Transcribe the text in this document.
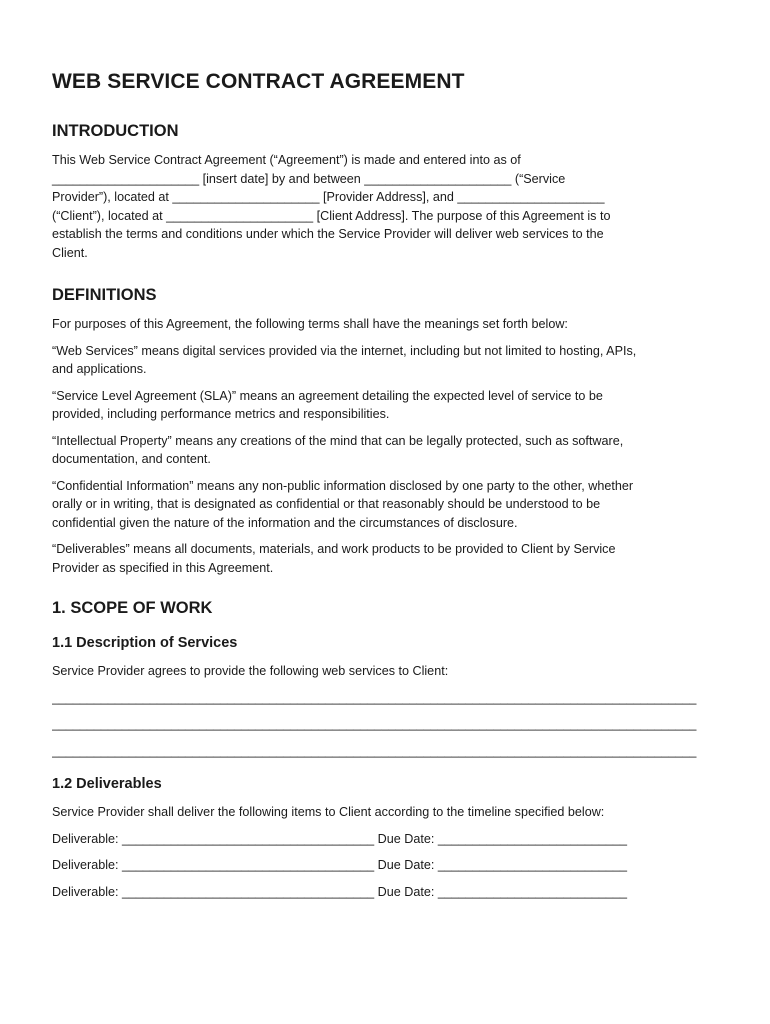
WEB SERVICE CONTRACT AGREEMENT
INTRODUCTION
This Web Service Contract Agreement (“Agreement”) is made and entered into as of
_____________________ [insert date] by and between _____________________ (“Service
Provider”), located at _____________________ [Provider Address], and _____________________
(“Client”), located at _____________________ [Client Address]. The purpose of this Agreement is to
establish the terms and conditions under which the Service Provider will deliver web services to the
Client.
DEFINITIONS
For purposes of this Agreement, the following terms shall have the meanings set forth below:
“Web Services” means digital services provided via the internet, including but not limited to hosting, APIs,
and applications.
“Service Level Agreement (SLA)” means an agreement detailing the expected level of service to be
provided, including performance metrics and responsibilities.
“Intellectual Property” means any creations of the mind that can be legally protected, such as software,
documentation, and content.
“Confidential Information” means any non-public information disclosed by one party to the other, whether
orally or in writing, that is designated as confidential or that reasonably should be understood to be
confidential given the nature of the information and the circumstances of disclosure.
“Deliverables” means all documents, materials, and work products to be provided to Client by Service
Provider as specified in this Agreement.
1. SCOPE OF WORK
1.1 Description of Services
Service Provider agrees to provide the following web services to Client:
____________________________________________________________________________________________
____________________________________________________________________________________________
____________________________________________________________________________________________
1.2 Deliverables
Service Provider shall deliver the following items to Client according to the timeline specified below:
Deliverable: ____________________________________ Due Date: ___________________________
Deliverable: ____________________________________ Due Date: ___________________________
Deliverable: ____________________________________ Due Date: ___________________________
